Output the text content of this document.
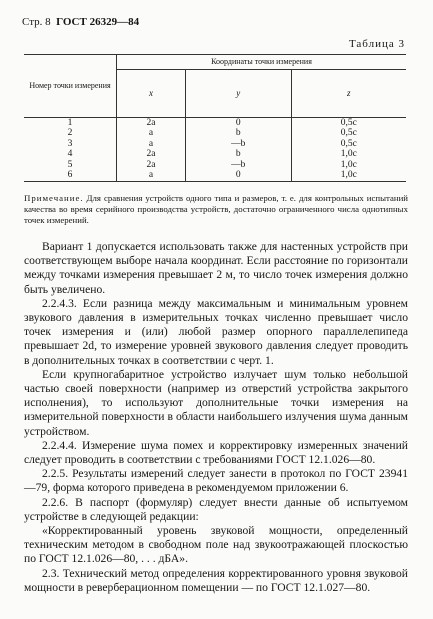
Стр. 8 ГОСТ 26329—84
Таблица 3
Номер точки измерения	Координаты точки измерения		
	x	y	z
1	2a	0	0,5c
2	a	b	0,5c
3	a	—b	0,5c
4	2a	b	1,0c
5	2a	—b	1,0c
6	a	0	1,0c
Примечание. Для сравнения устройств одного типа и размеров, т. е. для контрольных испытаний качества во время серийного производства устройств, достаточно ограниченного числа однотипных точек измерений.

Вариант 1 допускается использовать также для настенных устройств при соответствующем выборе начала координат. Если расстояние по горизонтали между точками измерения превышает 2 м, то число точек измерения должно быть увеличено.

2.2.4.3. Если разница между максимальным и минимальным уровнем звукового давления в измерительных точках численно превышает число точек измерения и (или) любой размер опорного параллелепипеда превышает 2d, то измерение уровней звукового давления следует проводить в дополнительных точках в соответствии с черт. 1.

Если крупногабаритное устройство излучает шум только небольшой частью своей поверхности (например из отверстий устройства закрытого исполнения), то используют дополнительные точки измерения на измерительной поверхности в области наибольшего излучения шума данным устройством.

2.2.4.4. Измерение шума помех и корректировку измеренных значений следует проводить в соответствии с требованиями ГОСТ 12.1.026—80.

2.2.5. Результаты измерений следует занести в протокол по ГОСТ 23941—79, форма которого приведена в рекомендуемом приложении 6.

2.2.6. В паспорт (формуляр) следует внести данные об испытуемом устройстве в следующей редакции:

«Корректированный уровень звуковой мощности, определенный техническим методом в свободном поле над звукоотражающей плоскостью по ГОСТ 12.1.026—80, . . . дБА».

2.3. Технический метод определения корректированного уровня звуковой мощности в реверберационном помещении — по ГОСТ 12.1.027—80.
